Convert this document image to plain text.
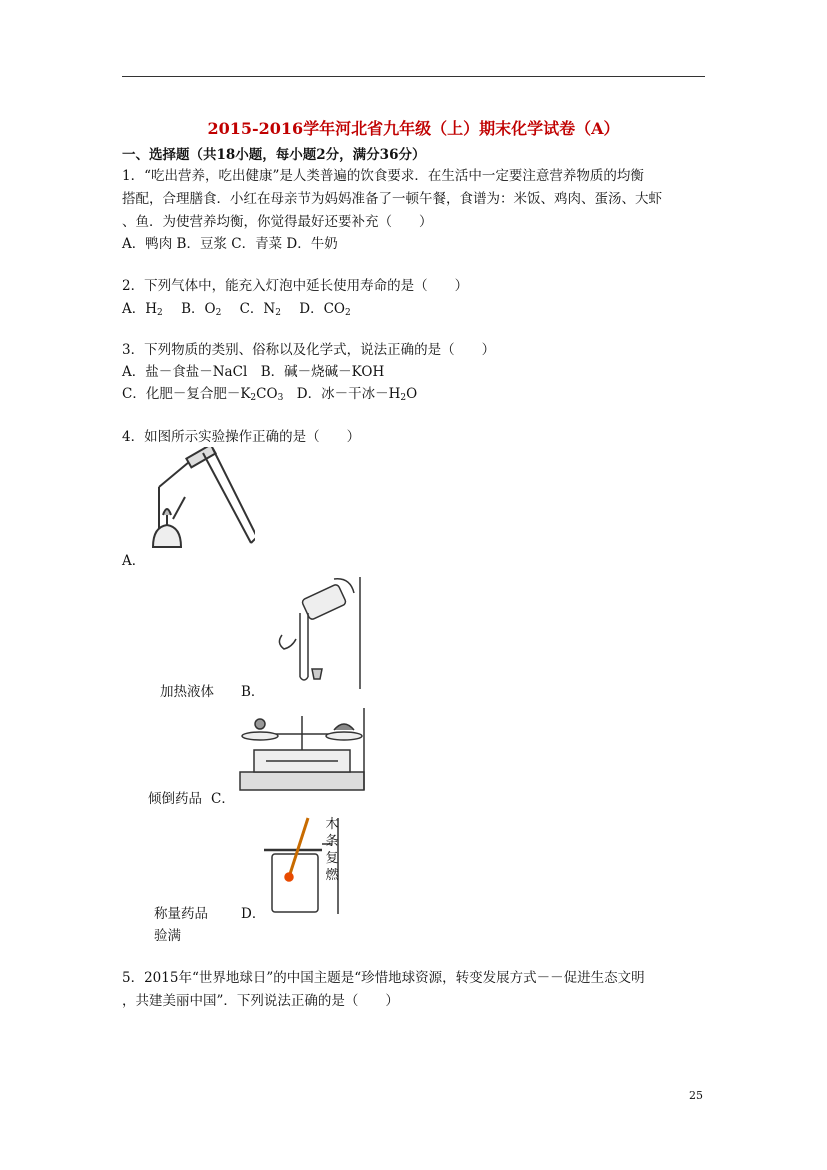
2015-2016学年河北省九年级（上）期末化学试卷（A）
一、选择题（共18小题，每小题2分，满分36分）
1．“吃出营养，吃出健康”是人类普遍的饮食要求．在生活中一定要注意营养物质的均衡
搭配，合理膳食．小红在母亲节为妈妈准备了一顿午餐，食谱为：米饭、鸡肉、蛋汤、大虾
、鱼．为使营养均衡，你觉得最好还要补充（　　）
A．鸭肉 B．豆浆 C．青菜 D．牛奶
2．下列气体中，能充入灯泡中延长使用寿命的是（　　）
A．$H_2$ B．$O_2$ C．$N_2$ D．$CO_2$
3．下列物质的类别、俗称以及化学式，说法正确的是（　　）
A．盐－食盐－NaCl　B．碱－烧碱－KOH
C．化肥－复合肥$-K_2CO_3$　D．冰－干冰$-H_2O$
4．如图所示实验操作正确的是（　　）
A．
加热液体 B．
倾倒药品 C．
木
条
复
燃
称量药品 D．
验满
5．2015年“世界地球日”的中国主题是“珍惜地球资源，转变发展方式－－促进生态文明
，共建美丽中国”．下列说法正确的是（　　）
25
